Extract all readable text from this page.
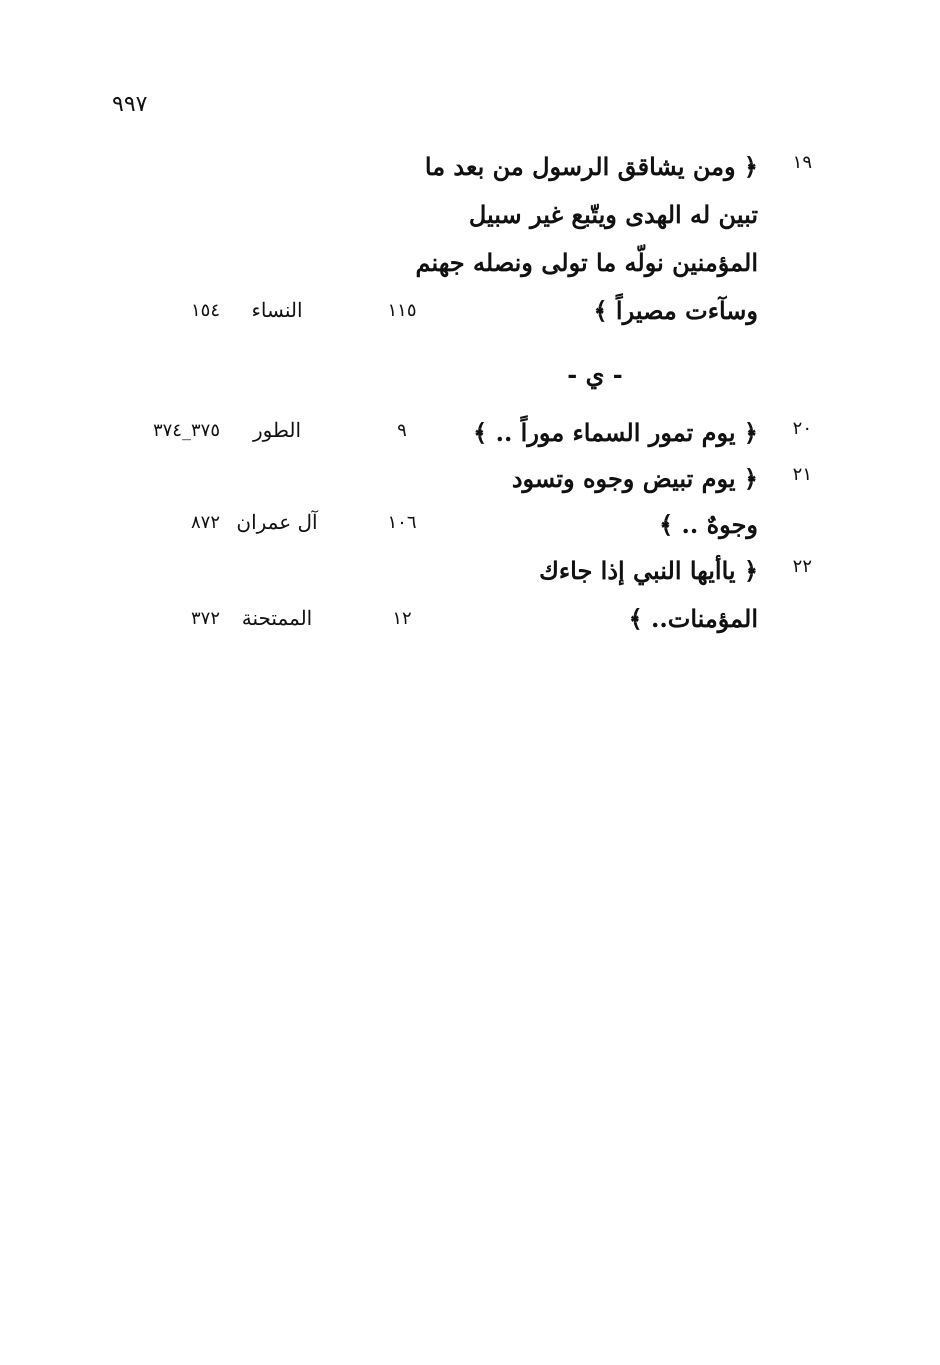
٩٩٧
١٩
﴿ ومن يشاقق الرسول من بعد ما
تبين له الهدى ويتّبع غير سبيل
المؤمنين نولّه ما تولى ونصله جهنم
وسآءت مصيراً ﴾
١١٥
النساء
١٥٤
- ي -
٢٠
﴿ يوم تمور السماء موراً .. ﴾
٩
الطور
٣٧٥_٣٧٤
٢١
﴿ يوم تبيض وجوه وتسود
وجوهٌ .. ﴾
١٠٦
آل عمران
٨٧٢
٢٢
﴿ ياأيها النبي إذا جاءك
المؤمنات.. ﴾
١٢
الممتحنة
٣٧٢
